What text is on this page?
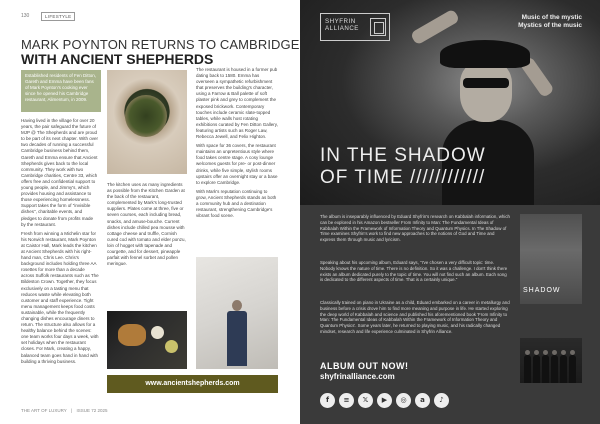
130	LIFESTYLE
MARK POYNTON RETURNS TO CAMBRIDGE
WITH ANCIENT SHEPHERDS
Established residents of Fen Ditton, Gareth and Emma have been fans of Mark Poynton's cooking ever since he opened his Cambridge restaurant, Alimentum, in 2009.

Having lived in the village for over 20 years, the pair safeguard the future of MJP @ The Shepherds and are proud to be part of its next chapter. With over two decades of running a successful Cambridge business behind them, Gareth and Emma ensure that Ancient Shepherds gives back to the local community. They work with two Cambridge charities, Centre 33, which offers free and confidential support to young people, and Jimmy's, which provides housing and assistance to those experiencing homelessness. Support takes the form of "invisible dishes", charitable events, and pledges to donate from profits made by the restaurant.

Fresh from winning a Michelin star for his Norwich restaurant, Mark Poynton at Caistor Hall, Mark leads the kitchen at Ancient Shepherds with his right-hand man, Chris Lee. Chris's background includes holding three AA rosettes for more than a decade across Suffolk restaurants such as The Bildeston Crown. Together, they focus exclusively on a tasting menu that reduces waste while elevating both customer and staff experience. Tight menu management keeps food costs sustainable, while the frequently changing dishes encourage diners to return. The structure also allows for a healthy balance behind the scenes: one team works four days a week, with set holidays when the restaurant closes. For Mark, creating a happy, balanced team goes hand in hand with building a thriving business.

The kitchen uses as many ingredients as possible from the Kitchen Garden at the back of the restaurant, complemented by Mark's long-trusted suppliers. Plates come at three, five or seven courses, each including bread, snacks, and amuse-bouche. Current dishes include chilled pea mousse with cottage cheese and truffle, Cornish cured cod with tomato and elder ponzu, loin of hogget with tapenade and courgette, and for dessert, pineapple parfait with fennel sorbet and pollen meringue.

The restaurant is housed in a former pub dating back to 1580. Emma has overseen a sympathetic refurbishment that preserves the building's character, using a Farrow & Ball palette of soft plaster pink and grey to complement the exposed brickwork. Contemporary touches include ceramic slate-topped tables, while walls host rotating exhibitions curated by Fen Ditton Gallery, featuring artists such as Roger Law, Rebecca Jewell, and Felix Highton.

With space for 36 covers, the restaurant maintains an unpretentious style where food takes centre stage. A cosy lounge welcomes guests for pre- or post-dinner drinks, while five simple, stylish rooms upstairs offer an overnight stay or a base to explore Cambridge.

With Mark's reputation continuing to grow, Ancient Shepherds stands as both a community hub and a destination restaurant, strengthening Cambridge's vibrant food scene.

www.ancientshepherds.com
THE ART OF LUXURY | ISSUE 72 2025
SHYFRIN
ALLIANCE
Music of the mystic
Mystics of the music
IN THE SHADOW
OF TIME ////////////
The album is inseparably influenced by Eduard Shyfrin's research on Kabbalah information, which can be explored in his Amazon bestseller From Infinity to Man: The Fundamental Ideas of Kabbalah Within the Framework of Information Theory and Quantum Physics. In The Shadow of Time examines Shyfrin's work to find new approaches to the notions of God and Time and express them through music and lyricism.
Speaking about his upcoming album, Eduard says, "I've chosen a very difficult topic: time. Nobody knows the nature of time. There is no definition. So it was a challenge. I don't think there exists an album dedicated purely to the topic of time. You will not find such an album. Each song is dedicated to the different aspects of time. That is a certainly unique."
Classically trained on piano in Ukraine as a child, Eduard embarked on a career in metallurgy and business before a crisis drove him to find more meaning and purpose in life. He started exploring the deep world of Kabbalah and science and published his aforementioned book 'From Infinity to Man: The Fundamental Ideas of Kabbalah Within the Framework of Information Theory and Quantum Physics'. Some years later, he returned to playing music, and his radically changed mindset, research and life experience culminated in Shyfrin Alliance.
SHADOW
ALBUM OUT NOW!
shyfrinalliance.com
f	≡	𝕏	▶	◎	a	♪
